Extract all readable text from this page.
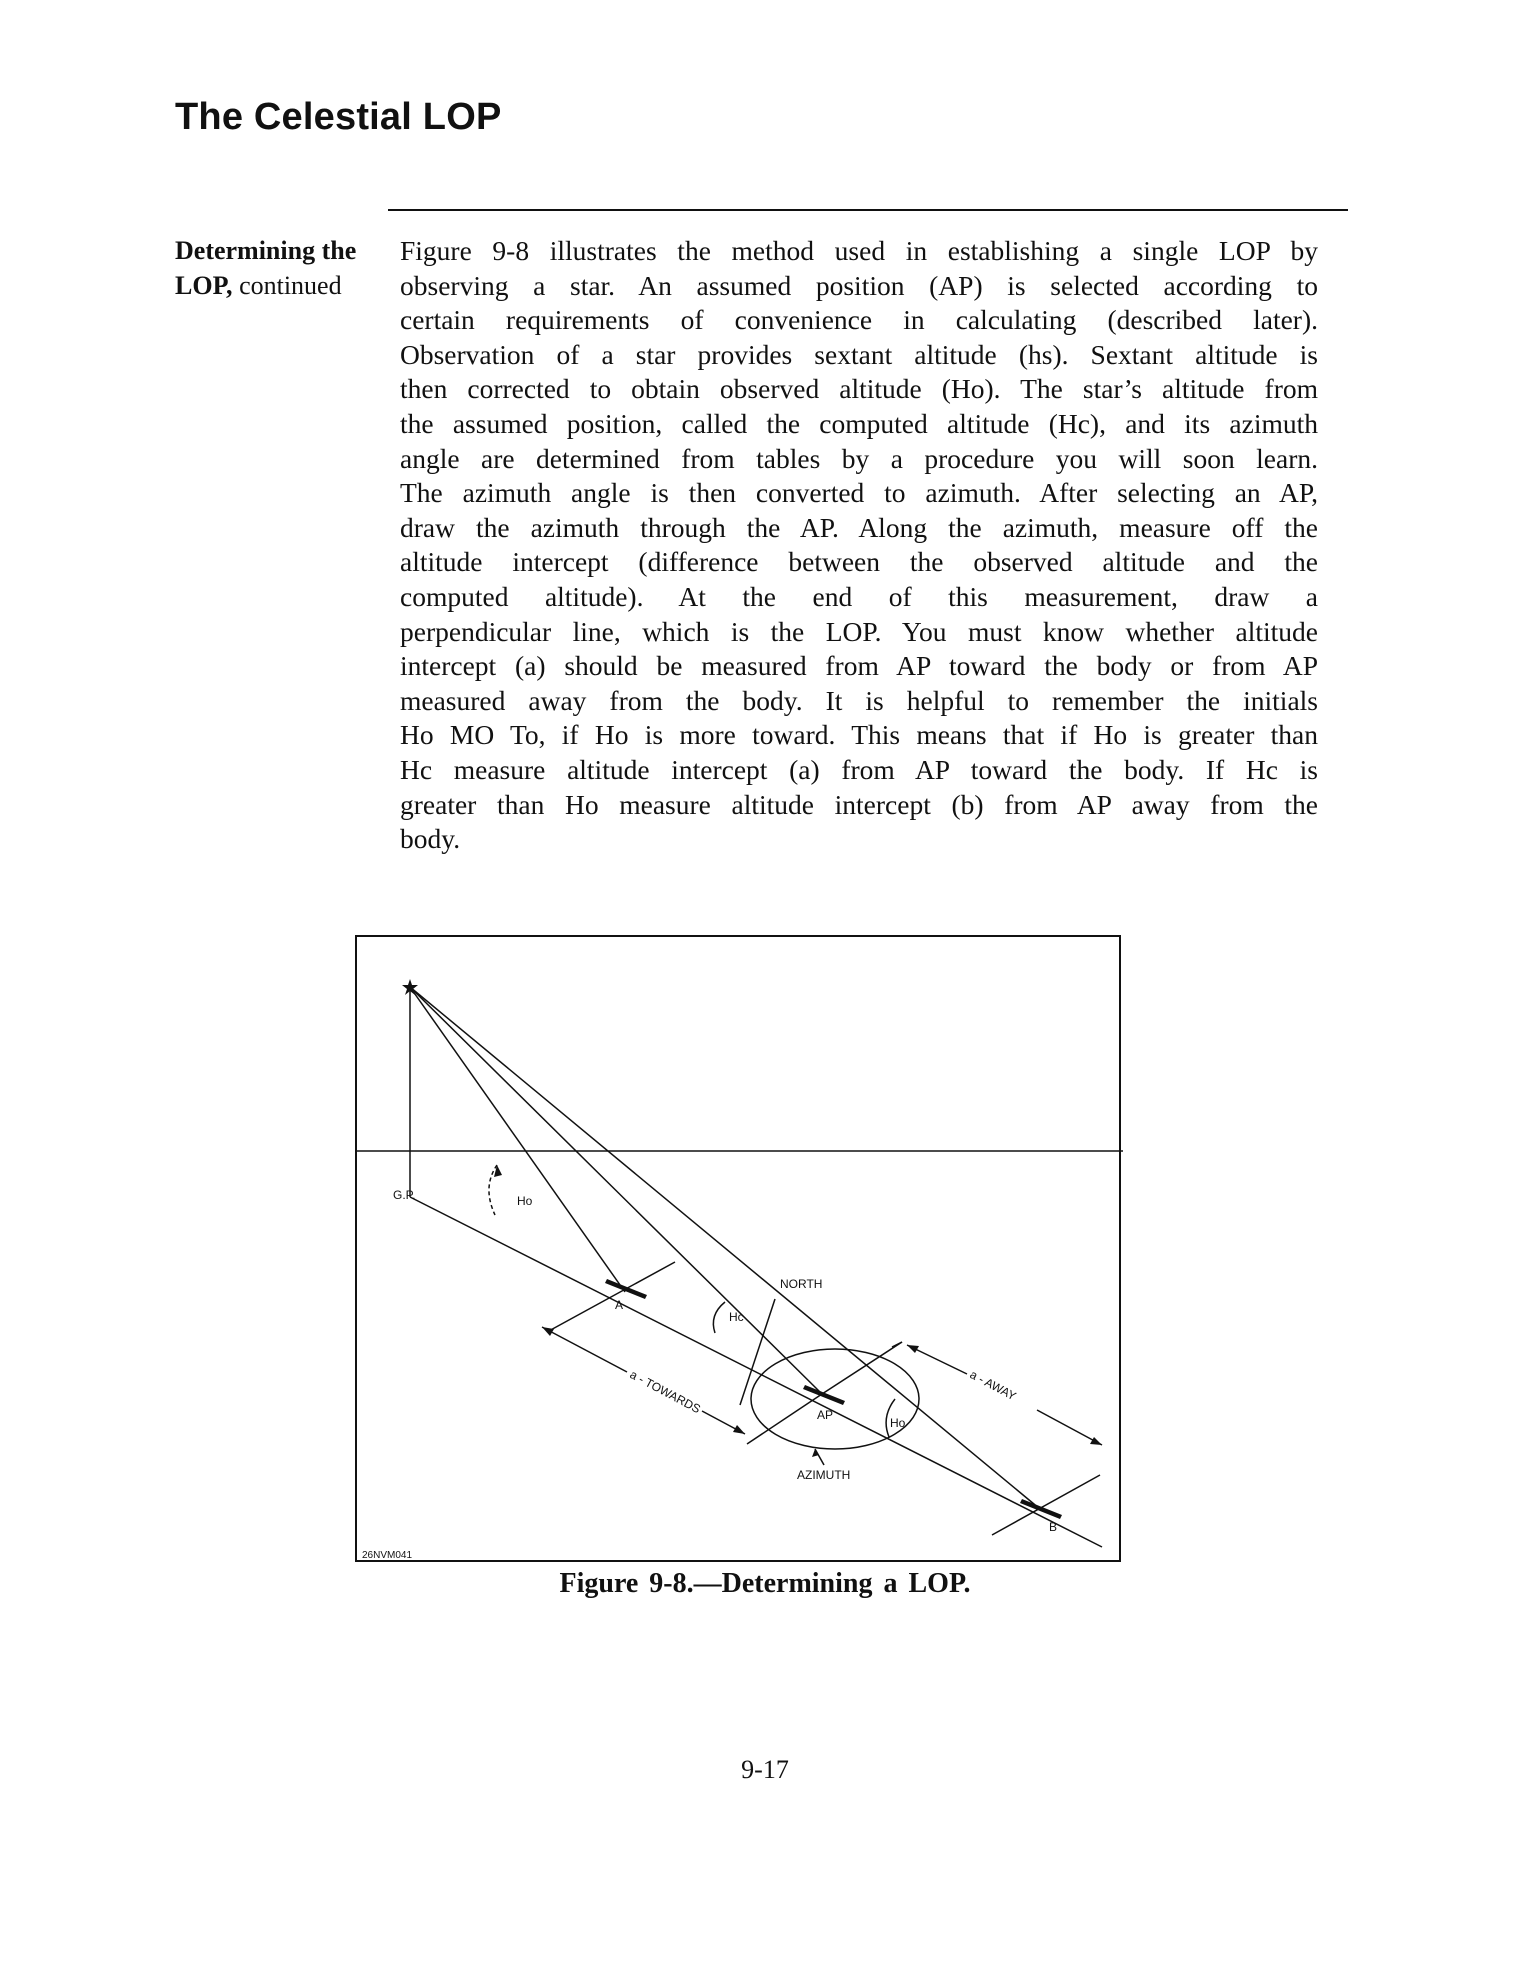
The Celestial LOP
Determining the LOP, continued
Figure 9-8 illustrates the method used in establishing a single LOP by
observing a star. An assumed position (AP) is selected according to
certain requirements of convenience in calculating (described later).
Observation of a star provides sextant altitude (hs). Sextant altitude is
then corrected to obtain observed altitude (Ho). The star’s altitude from
the assumed position, called the computed altitude (Hc), and its azimuth
angle are determined from tables by a procedure you will soon learn.
The azimuth angle is then converted to azimuth. After selecting an AP,
draw the azimuth through the AP. Along the azimuth, measure off the
altitude intercept (difference between the observed altitude and the
computed altitude). At the end of this measurement, draw a
perpendicular line, which is the LOP. You must know whether altitude
intercept (a) should be measured from AP toward the body or from AP
measured away from the body. It is helpful to remember the initials
Ho MO To, if Ho is more toward. This means that if Ho is greater than
Hc measure altitude intercept (a) from AP toward the body. If Hc is
greater than Ho measure altitude intercept (b) from AP away from the
body.
G.P.	Ho
A
Hc
NORTH
AP
Ho
AZIMUTH
B
a - TOWARDS	a - AWAY
26NVM041
Figure 9-8.—Determining a LOP.
9-17
